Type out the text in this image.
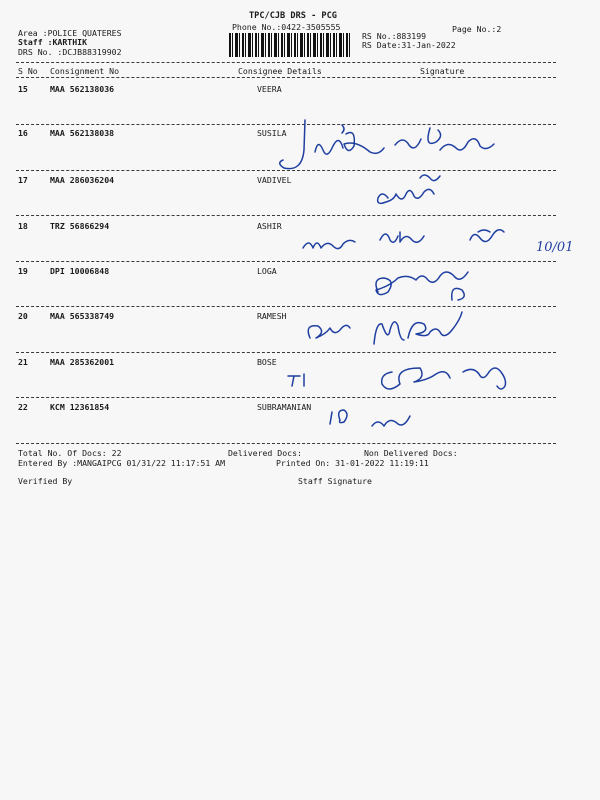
TPC/CJB DRS - PCG
Phone No.:0422-3505555	Page No.:2
Area :POLICE QUATERES
Staff :KARTHIK
DRS No. :DCJB88319902
RS No.:883199
RS Date:31-Jan-2022
S No Consignment No	Consignee Details	Signature
15	MAA 562138036	VEERA
16	MAA 562138038	SUSILA
17	MAA 286036204	VADIVEL
18	TRZ 56866294	ASHIR
19	DPI 10006848	LOGA
20	MAA 565338749	RAMESH
21	MAA 285362001	BOSE
22	KCM 12361854	SUBRAMANIAN
Total No. Of Docs: 22	Delivered Docs:	Non Delivered Docs:
Entered By :MANGAIPCG 01/31/22 11:17:51 AM	Printed On: 31-01-2022 11:19:11
Verified By	Staff Signature
10/01
